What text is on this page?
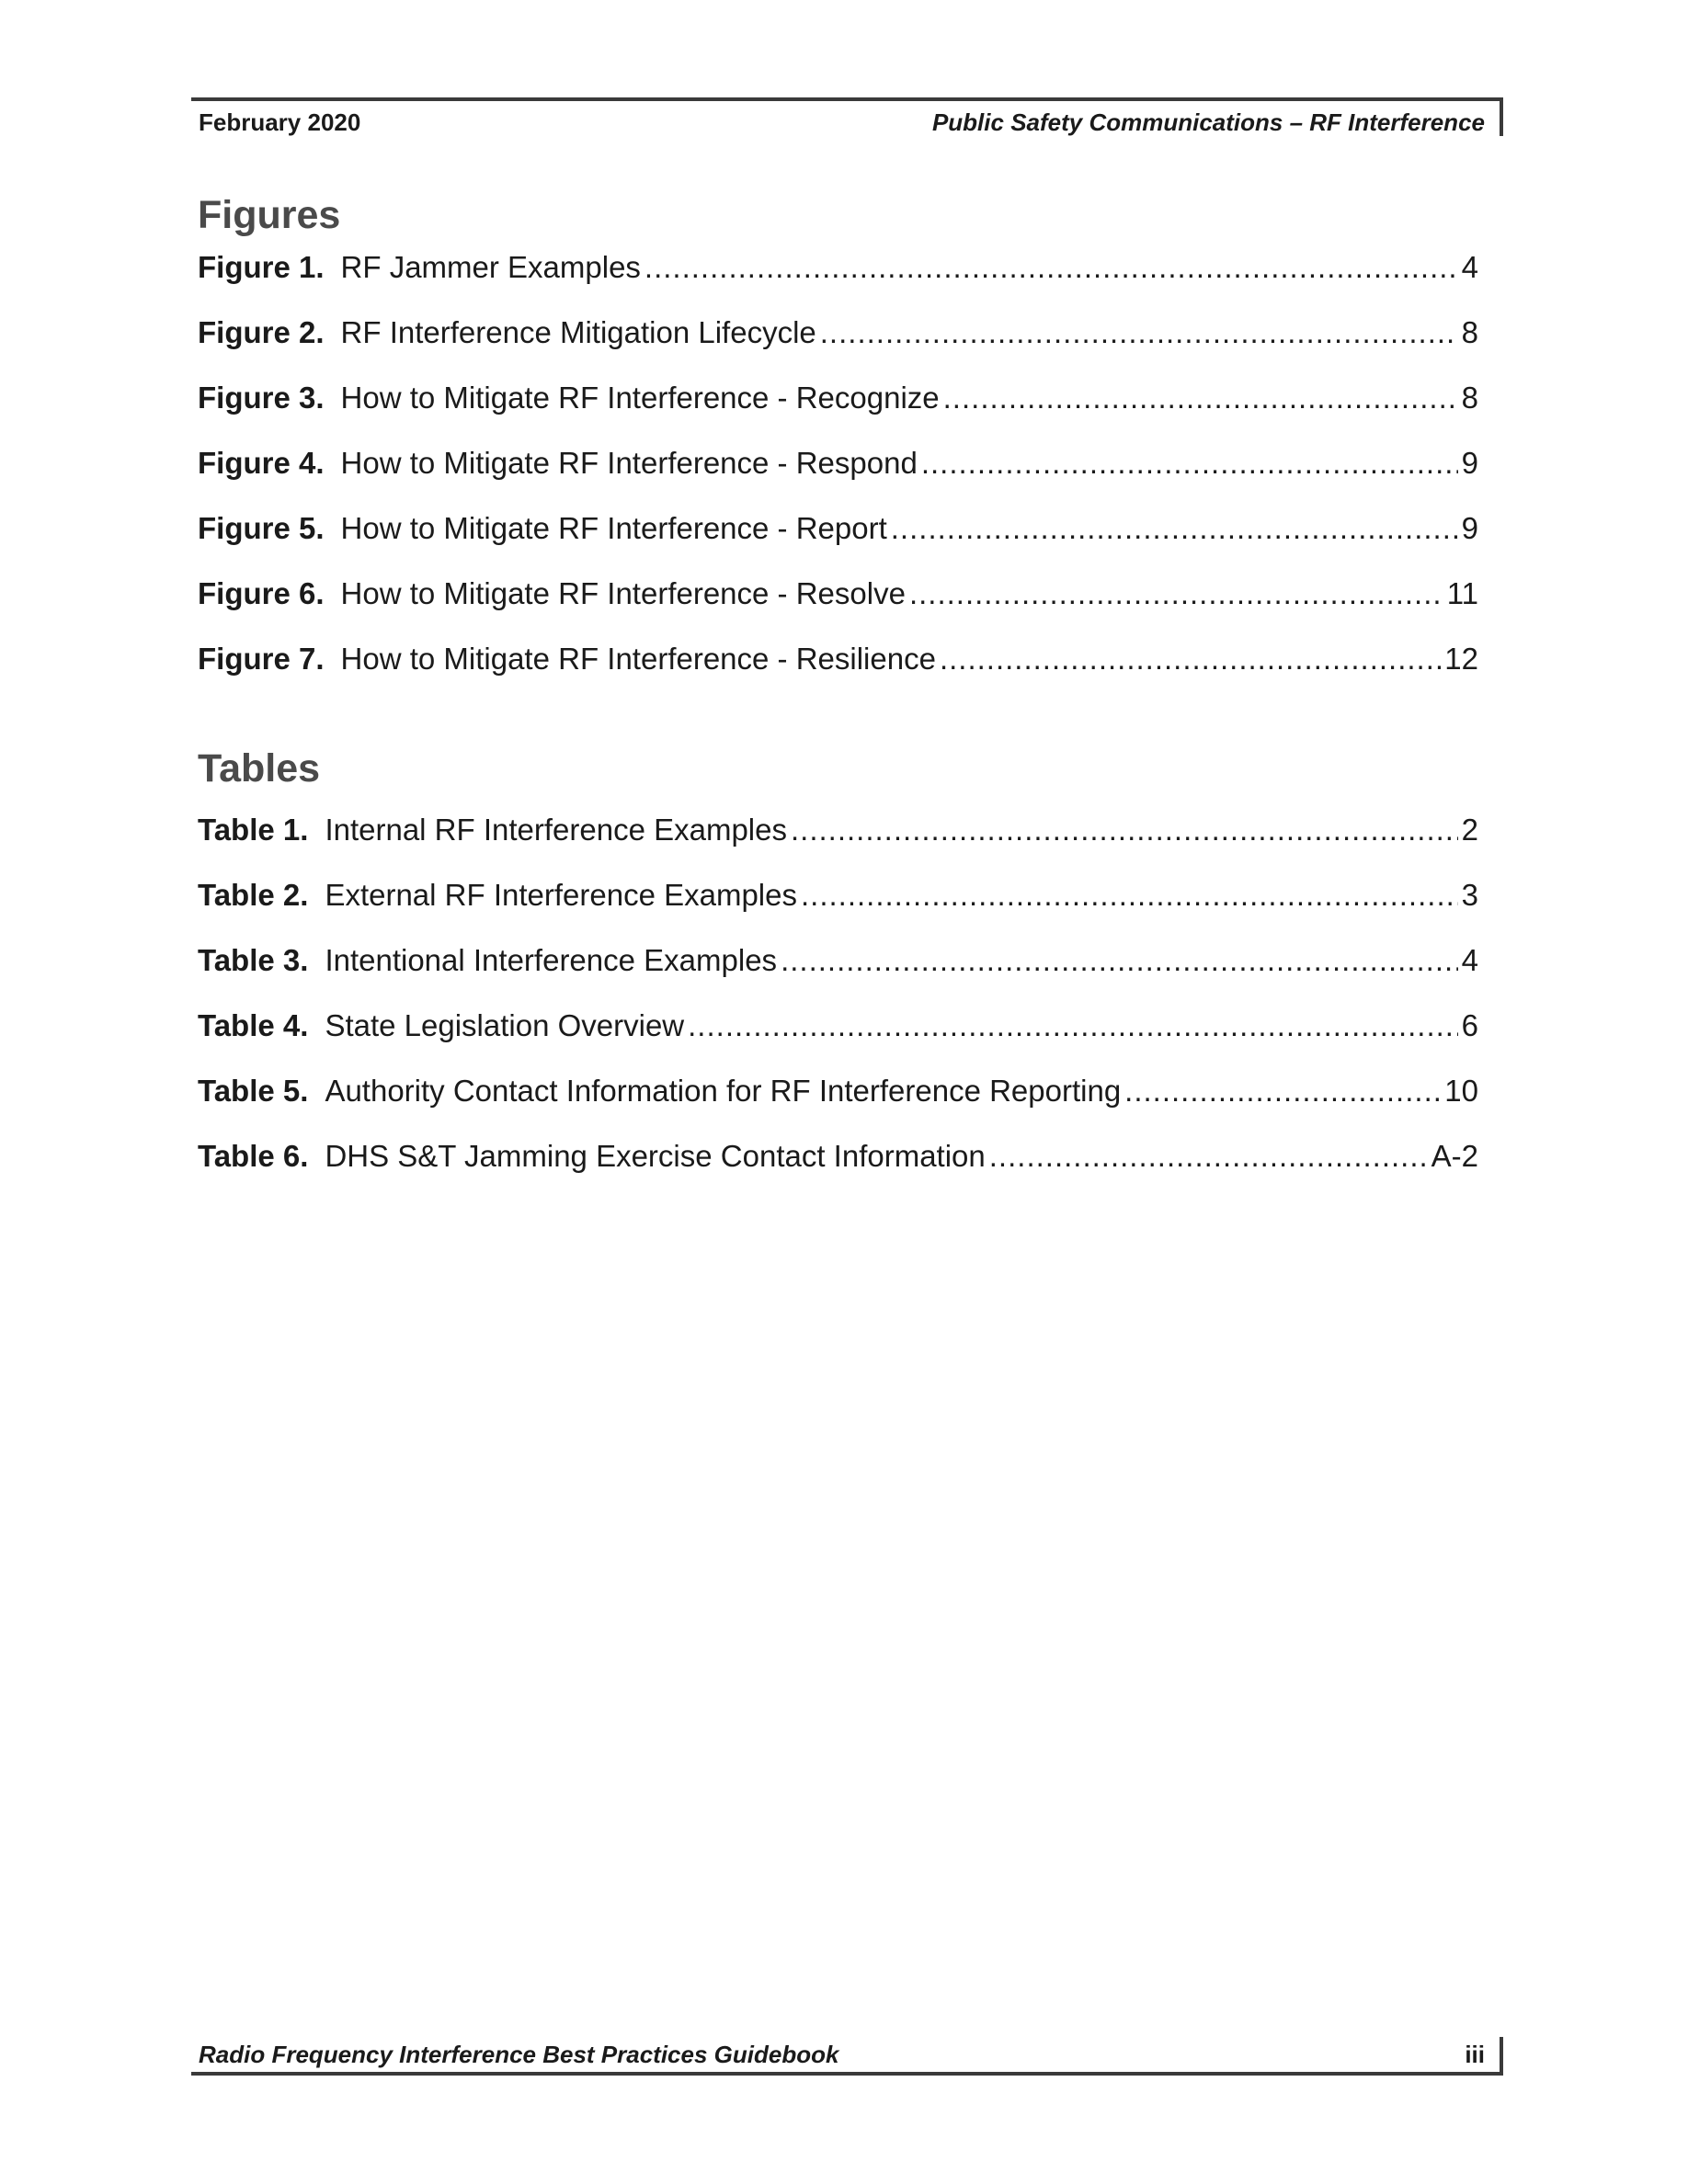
February 2020	Public Safety Communications – RF Interference
Figures
Figure 1. RF Jammer Examples .....	4
Figure 2. RF Interference Mitigation Lifecycle .....	8
Figure 3. How to Mitigate RF Interference - Recognize .....	8
Figure 4. How to Mitigate RF Interference - Respond .....	9
Figure 5. How to Mitigate RF Interference - Report .....	9
Figure 6. How to Mitigate RF Interference - Resolve .....	11
Figure 7. How to Mitigate RF Interference - Resilience .....	12
Tables
Table 1. Internal RF Interference Examples .....	2
Table 2. External RF Interference Examples .....	3
Table 3. Intentional Interference Examples .....	4
Table 4. State Legislation Overview .....	6
Table 5. Authority Contact Information for RF Interference Reporting .....	10
Table 6. DHS S&T Jamming Exercise Contact Information .....	A-2
Radio Frequency Interference Best Practices Guidebook	iii
